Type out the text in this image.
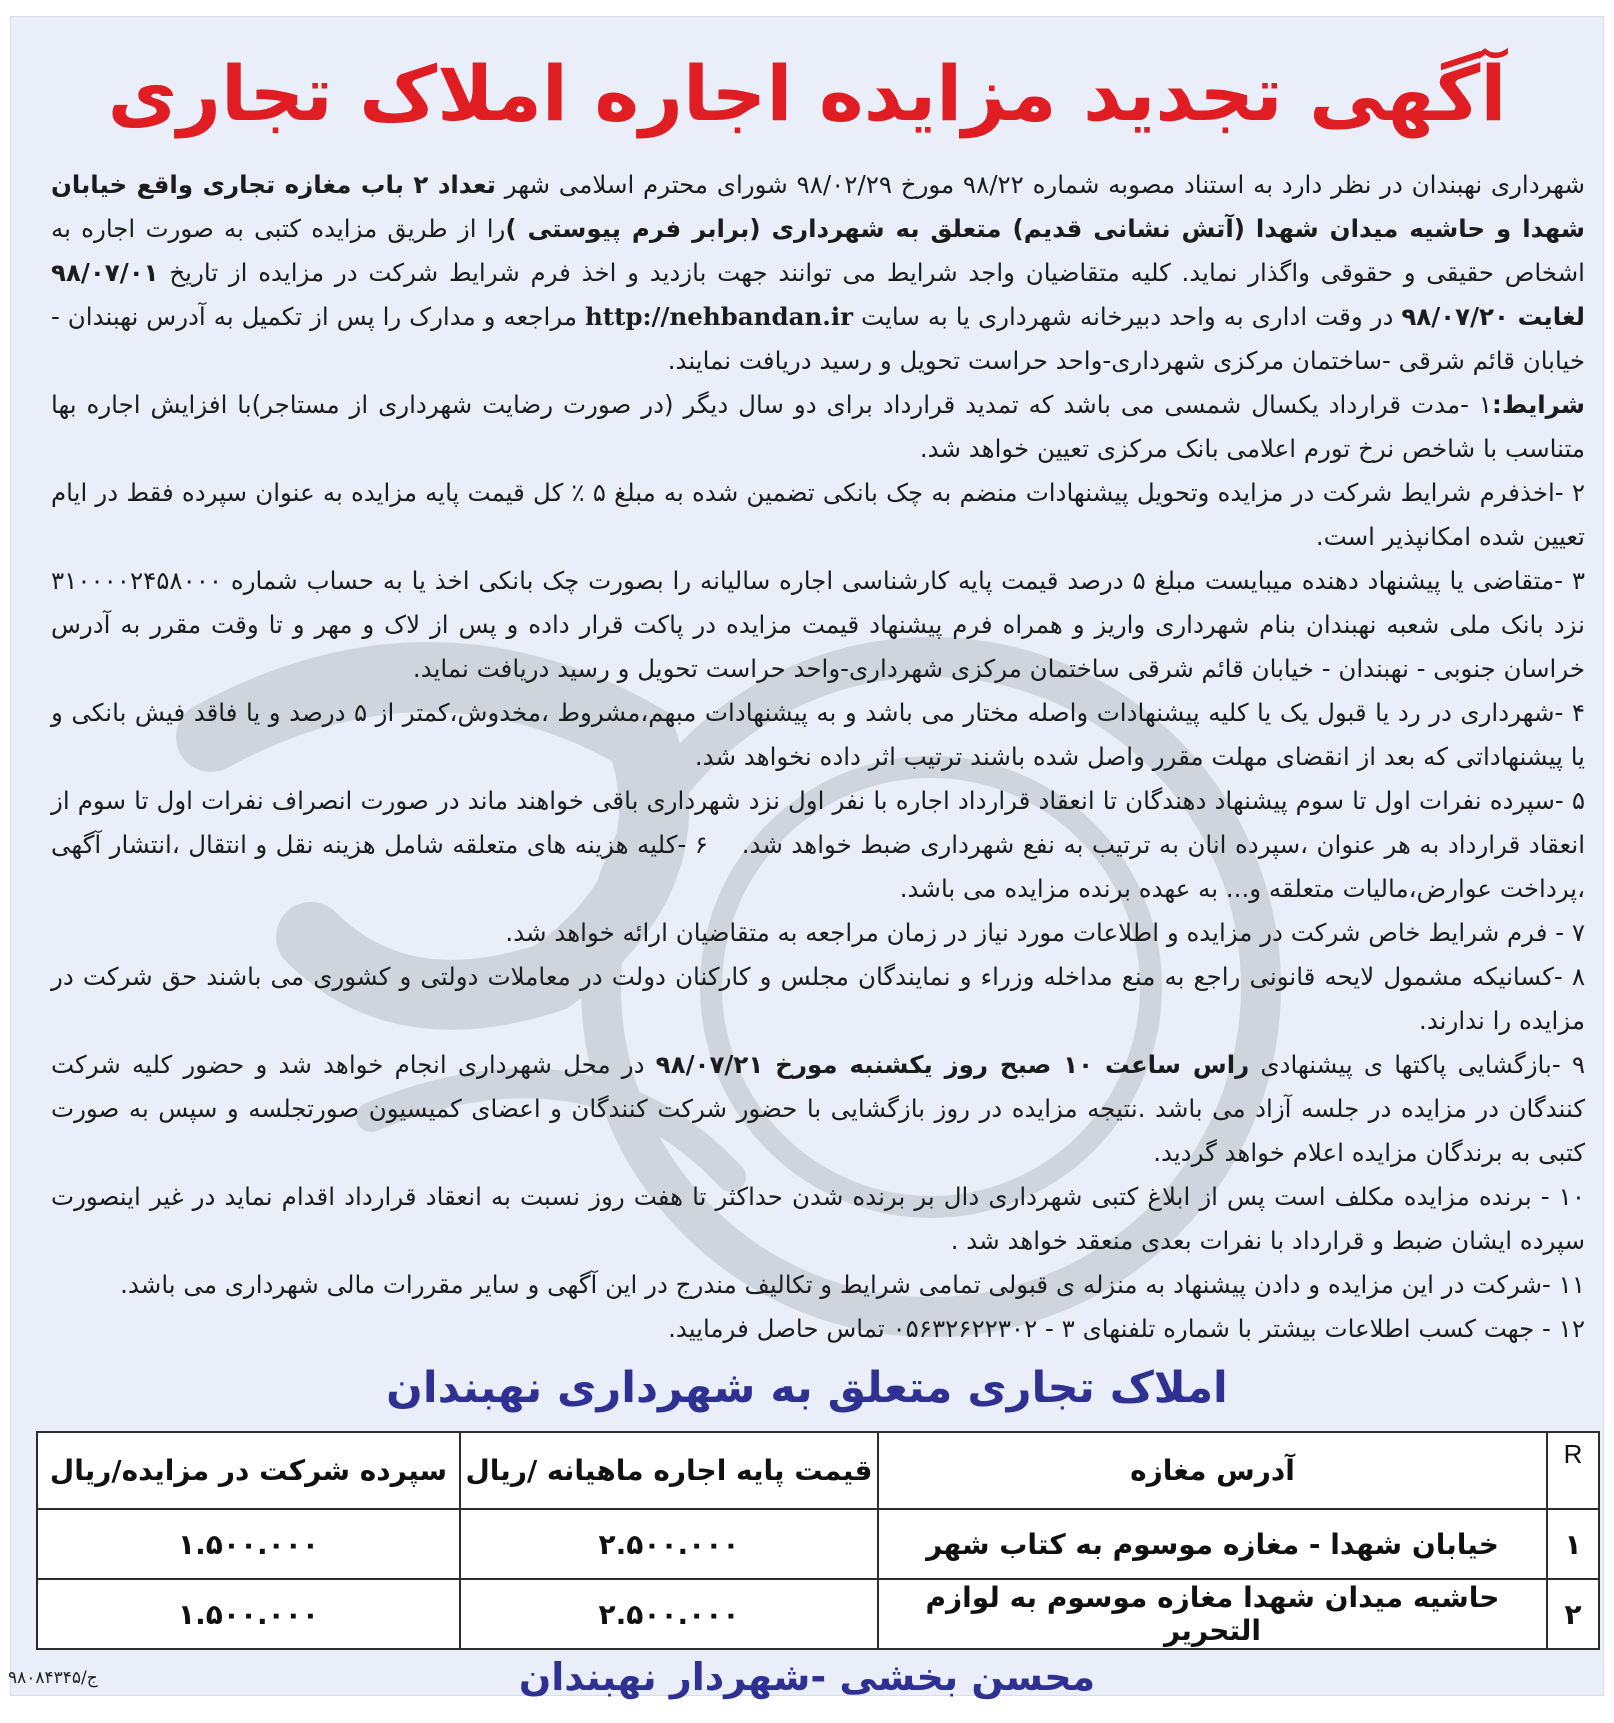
آگهی تجدید مزایده اجاره املاک تجاری

شهرداری نهبندان در نظر دارد به استناد مصوبه شماره ۹۸/۲۲ مورخ ۹۸/۰۲/۲۹ شورای محترم اسلامی شهر تعداد ۲ باب مغازه تجاری واقع خیابان شهدا و حاشیه میدان شهدا (آتش نشانی قدیم) متعلق به شهرداری (برابر فرم پیوستی )را از طریق مزایده کتبی به صورت اجاره به اشخاص حقیقی و حقوقی واگذار نماید. کلیه متقاضیان واجد شرایط می توانند جهت بازدید و اخذ فرم شرایط شرکت در مزایده از تاریخ ۹۸/۰۷/۰۱ لغایت ۹۸/۰۷/۲۰ در وقت اداری به واحد دبیرخانه شهرداری یا به سایت http://nehbandan.ir مراجعه و مدارک را پس از تکمیل به آدرس نهبندان - خیابان قائم شرقی -ساختمان مرکزی شهرداری-واحد حراست تحویل و رسید دریافت نمایند.

شرایط:۱ -مدت قرارداد یکسال شمسی می باشد که تمدید قرارداد برای دو سال دیگر (در صورت رضایت شهرداری از مستاجر)با افزایش اجاره بها متناسب با شاخص نرخ تورم اعلامی بانک مرکزی تعیین خواهد شد.

۲ -اخذفرم شرایط شرکت در مزایده وتحویل پیشنهادات منضم به چک بانکی تضمین شده به مبلغ ۵ ٪ کل قیمت پایه مزایده به عنوان سپرده فقط در ایام تعیین شده امکانپذیر است.

۳ -متقاضی یا پیشنهاد دهنده میبایست مبلغ ۵ درصد قیمت پایه کارشناسی اجاره سالیانه را بصورت چک بانکی اخذ یا به حساب شماره ۳۱۰۰۰۰۲۴۵۸۰۰۰ نزد بانک ملی شعبه نهبندان بنام شهرداری واریز و همراه فرم پیشنهاد قیمت مزایده در پاکت قرار داده و پس از لاک و مهر و تا وقت مقرر به آدرس خراسان جنوبی - نهبندان - خیابان قائم شرقی ساختمان مرکزی شهرداری-واحد حراست تحویل و رسید دریافت نماید.

۴ -شهرداری در رد یا قبول یک یا کلیه پیشنهادات واصله مختار می باشد و به پیشنهادات مبهم،مشروط ،مخدوش،کمتر از ۵ درصد و یا فاقد فیش بانکی و یا پیشنهاداتی که بعد از انقضای مهلت مقرر واصل شده باشند ترتیب اثر داده نخواهد شد.

۵ -سپرده نفرات اول تا سوم پیشنهاد دهندگان تا انعقاد قرارداد اجاره با نفر اول نزد شهرداری باقی خواهند ماند در صورت انصراف نفرات اول تا سوم از انعقاد قرارداد به هر عنوان ،سپرده انان به ترتیب به نفع شهرداری ضبط خواهد شد.    ۶ -کلیه هزینه های متعلقه شامل هزینه نقل و انتقال ،انتشار آگهی ،پرداخت عوارض،مالیات متعلقه و... به عهده برنده مزایده می باشد.

۷ - فرم شرایط خاص شرکت در مزایده و اطلاعات مورد نیاز در زمان مراجعه به متقاضیان ارائه خواهد شد.

۸ -کسانیکه مشمول لایحه قانونی راجع به منع مداخله وزراء و نمایندگان مجلس و کارکنان دولت در معاملات دولتی و کشوری می باشند حق شرکت در مزایده را ندارند.

۹ -بازگشایی پاکتها ی پیشنهادی راس ساعت ۱۰ صبح روز یکشنبه مورخ ۹۸/۰۷/۲۱ در محل شهرداری انجام خواهد شد و حضور کلیه شرکت کنندگان در مزایده در جلسه آزاد می باشد .نتیجه مزایده در روز بازگشایی با حضور شرکت کنندگان و اعضای کمیسیون صورتجلسه و سپس به صورت کتبی به برندگان مزایده اعلام خواهد گردید.

۱۰ - برنده مزایده مکلف است پس از ابلاغ کتبی شهرداری دال بر برنده شدن حداکثر تا هفت روز نسبت به انعقاد قرارداد اقدام نماید در غیر اینصورت سپرده ایشان ضبط و قرارداد با نفرات بعدی منعقد خواهد شد .

۱۱ -شرکت در این مزایده و دادن پیشنهاد به منزله ی قبولی تمامی شرایط و تکالیف مندرج در این آگهی و سایر مقررات مالی شهرداری می باشد.

۱۲ - جهت کسب اطلاعات بیشتر با شماره تلفنهای ۳ - ۰۵۶۳۲۶۲۲۳۰۲ تماس حاصل فرمایید.

املاک تجاری متعلق به شهرداری نهبندان
R	آدرس مغازه	قیمت پایه اجاره ماهیانه /ریال	سپرده شرکت در مزایده/ریال
۱	خیابان شهدا - مغازه موسوم به کتاب شهر	۲.۵۰۰.۰۰۰	۱.۵۰۰.۰۰۰
۲	حاشیه میدان شهدا مغازه موسوم به لوازم التحریر	۲.۵۰۰.۰۰۰	۱.۵۰۰.۰۰۰
محسن بخشی -شهردار نهبندان
ج/۹۸۰۸۴۳۴۵
